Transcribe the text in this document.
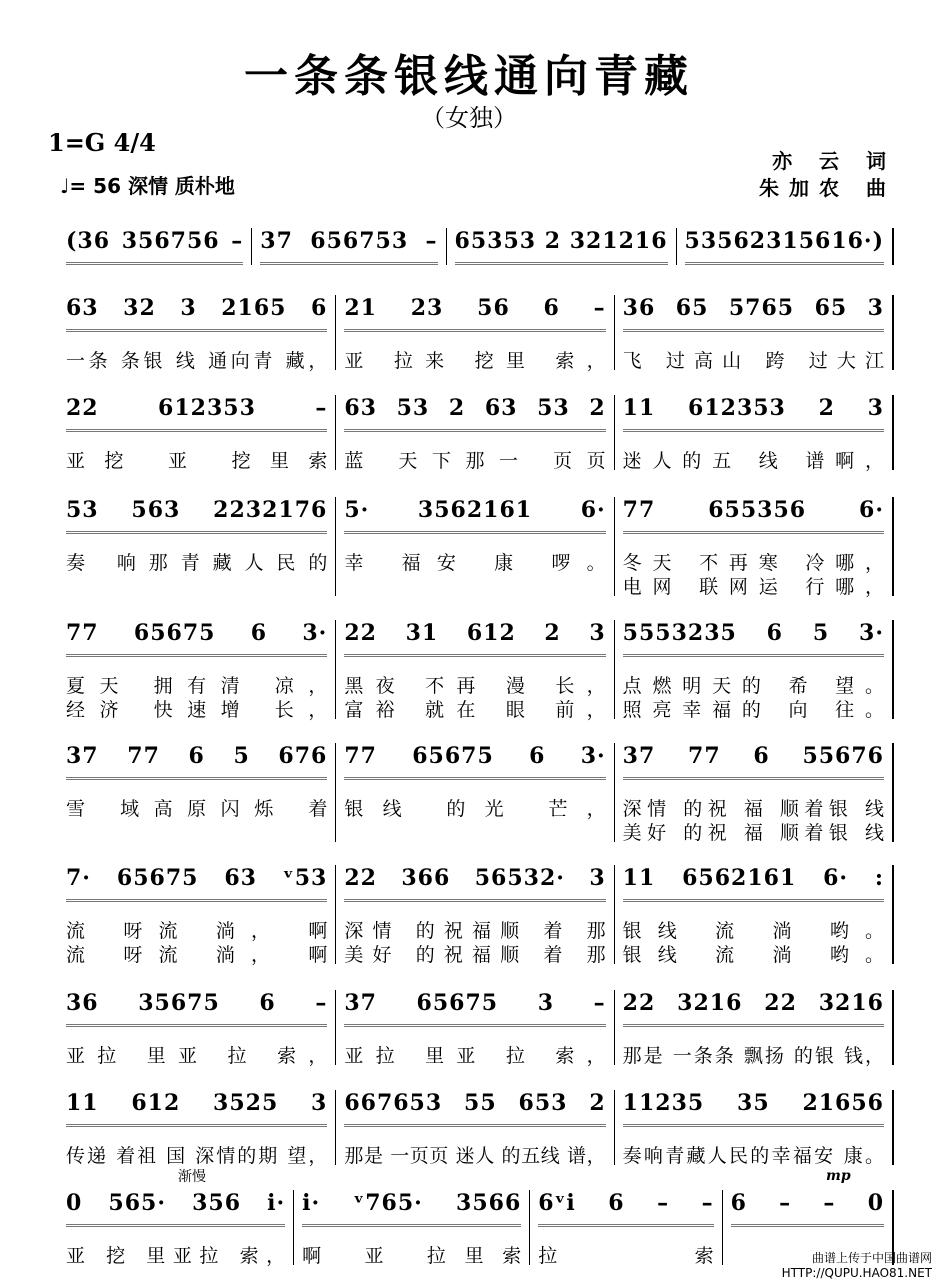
一条条银线通向青藏
（女独）
1=G 4/4
♩= 56 深情 质朴地
亦 云 词
朱加农 曲
(36 356756 – 37 656753 – 65353 2 321216 53562315616·)
63 32 3 2165 6
一条 条银 线 通向青 藏，
21 23 56 6 –
亚 拉来 挖里 索，
36 65 5765 65 3
飞 过高山 跨 过大江
22 612353 –
亚挖 亚 挖里索
63 53 2 63 53 2
蓝 天下那一 页页
11 612353 2 3
迷人的五 线 谱啊，
53 563 2232176
奏 响那青藏人民的
5· 3562161 6·
幸 福安 康 啰。
77 655356 6·
冬天 不再寒 冷哪，
电网 联网运 行哪，
77 65675 6 3·
夏天 拥有清 凉，
经济 快速增 长，
22 31 612 2 3
黑夜 不再 漫 长，
富裕 就在 眼 前，
5553235 6 5 3·
点燃明天的 希 望。
照亮幸福的 向 往。
37 77 6 5 676
雪 域高原闪烁 着
77 65675 6 3·
银线 的光 芒，
37 77 6 55676
深情 的祝 福 顺着银 线
美好 的祝 福 顺着银 线
7· 65675 63 ᵛ53
流 呀流 淌， 啊
流 呀流 淌， 啊
22 366 56532· 3
深情 的祝福顺 着 那
美好 的祝福顺 着 那
11 6562161 6· :
银线 流 淌 哟。
银线 流 淌 哟。
36 35675 6 –
亚拉 里亚 拉 索，
37 65675 3 –
亚拉 里亚 拉 索，
22 3216 22 3216
那是 一条条 飘扬 的银 钱，
11 612 3525 3
传递 着祖 国 深情的期 望，
667653 55 653 2
那是 一页页 迷人 的五线 谱，
11235 35 21656
奏响青藏人民的幸福安 康。
0 565· 356 i·
亚 挖 里亚拉 索，
i· ᵛ765· 3566
啊 亚 拉里索
6ᵛi 6 – –
拉 索
6 – – 0
渐慢	mp
曲谱上传于中国曲谱网
HTTP://QUPU.HAO81.NET
